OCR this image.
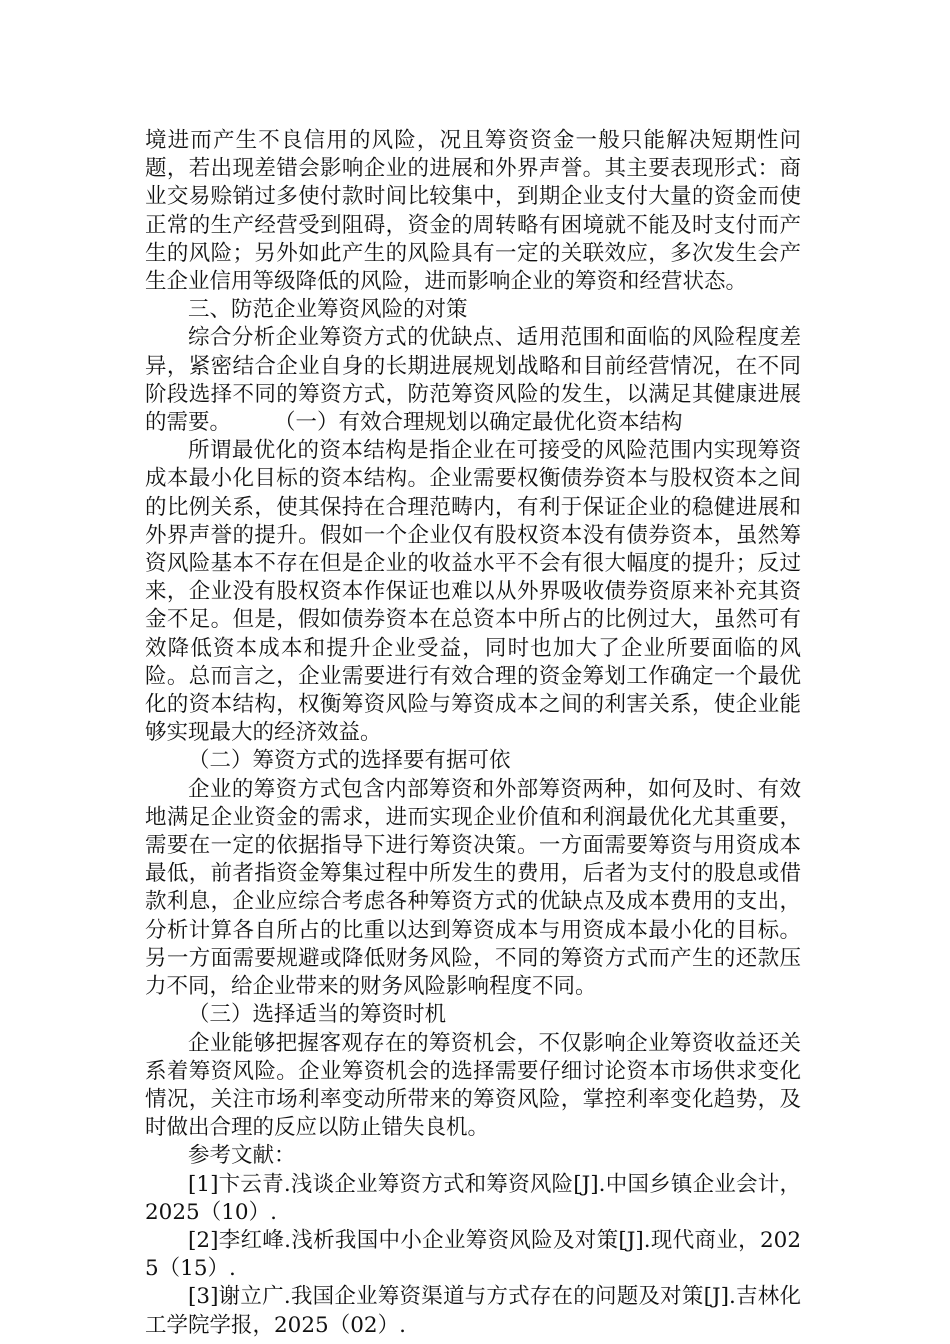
境进而产生不良信用的风险，况且筹资资金一般只能解决短期性问题，若出现差错会影响企业的进展和外界声誉。其主要表现形式：商业交易赊销过多使付款时间比较集中，到期企业支付大量的资金而使正常的生产经营受到阻碍，资金的周转略有困境就不能及时支付而产生的风险；另外如此产生的风险具有一定的关联效应，多次发生会产生企业信用等级降低的风险，进而影响企业的筹资和经营状态。

三、防范企业筹资风险的对策

综合分析企业筹资方式的优缺点、适用范围和面临的风险程度差异，紧密结合企业自身的长期进展规划战略和目前经营情况，在不同阶段选择不同的筹资方式，防范筹资风险的发生，以满足其健康进展的需要。	（一）有效合理规划以确定最优化资本结构

所谓最优化的资本结构是指企业在可接受的风险范围内实现筹资成本最小化目标的资本结构。企业需要权衡债券资本与股权资本之间的比例关系，使其保持在合理范畴内，有利于保证企业的稳健进展和外界声誉的提升。假如一个企业仅有股权资本没有债券资本，虽然筹资风险基本不存在但是企业的收益水平不会有很大幅度的提升；反过来，企业没有股权资本作保证也难以从外界吸收债券资原来补充其资金不足。但是，假如债券资本在总资本中所占的比例过大，虽然可有效降低资本成本和提升企业受益，同时也加大了企业所要面临的风险。总而言之，企业需要进行有效合理的资金筹划工作确定一个最优化的资本结构，权衡筹资风险与筹资成本之间的利害关系，使企业能够实现最大的经济效益。

（二）筹资方式的选择要有据可依

企业的筹资方式包含内部筹资和外部筹资两种，如何及时、有效地满足企业资金的需求，进而实现企业价值和利润最优化尤其重要，需要在一定的依据指导下进行筹资决策。一方面需要筹资与用资成本最低，前者指资金筹集过程中所发生的费用，后者为支付的股息或借款利息，企业应综合考虑各种筹资方式的优缺点及成本费用的支出，分析计算各自所占的比重以达到筹资成本与用资成本最小化的目标。另一方面需要规避或降低财务风险，不同的筹资方式而产生的还款压力不同，给企业带来的财务风险影响程度不同。

（三）选择适当的筹资时机

企业能够把握客观存在的筹资机会，不仅影响企业筹资收益还关系着筹资风险。企业筹资机会的选择需要仔细讨论资本市场供求变化情况，关注市场利率变动所带来的筹资风险，掌控利率变化趋势，及时做出合理的反应以防止错失良机。

参考文献：

[1]卞云青.浅谈企业筹资方式和筹资风险[J].中国乡镇企业会计，2025（10）.

[2]李红峰.浅析我国中小企业筹资风险及对策[J].现代商业，2025（15）.

[3]谢立广.我国企业筹资渠道与方式存在的问题及对策[J].吉林化工学院学报，2025（02）.
